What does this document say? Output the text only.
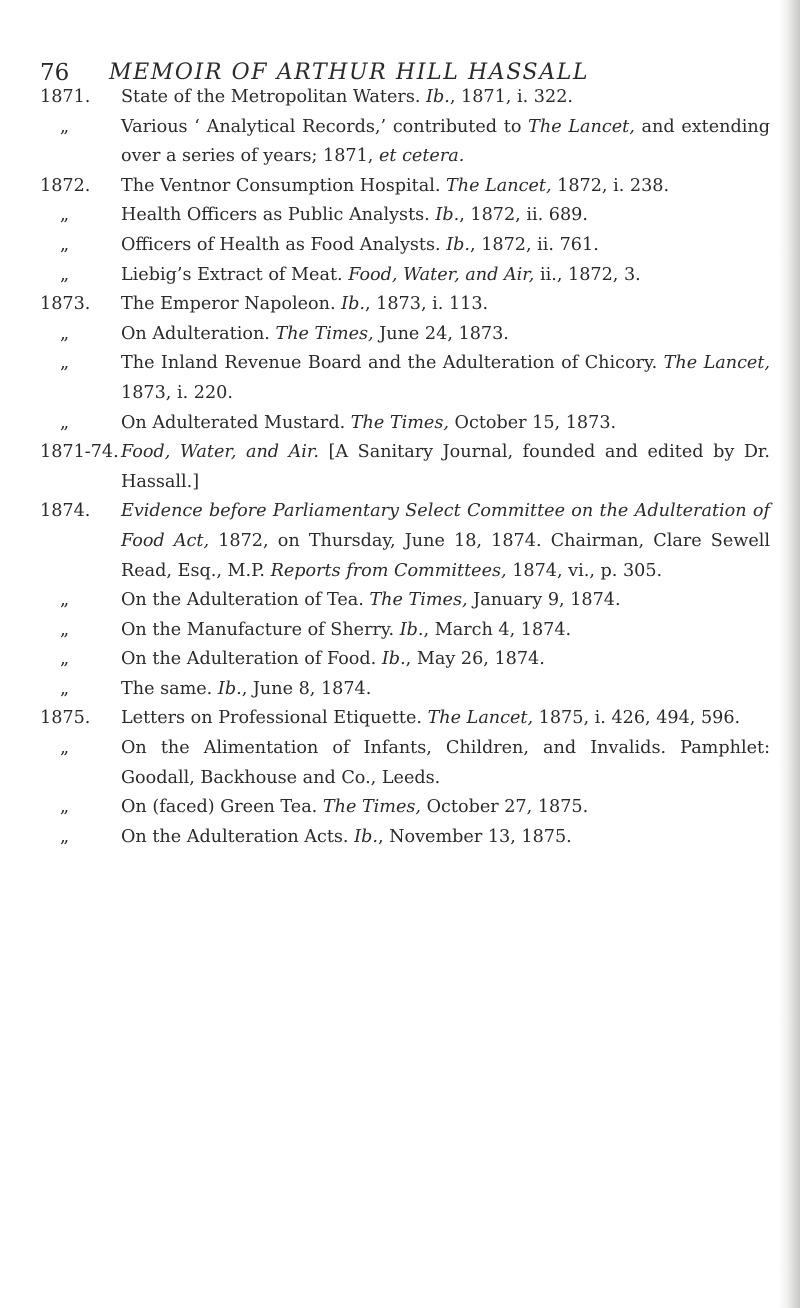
76 MEMOIR OF ARTHUR HILL HASSALL
1871. State of the Metropolitan Waters. Ib., 1871, i. 322.
„	Various ‘ Analytical Records,’ contributed to The Lancet, and extending over a series of years; 1871, et cetera.
1872. The Ventnor Consumption Hospital. The Lancet, 1872, i. 238.
„	Health Officers as Public Analysts. Ib., 1872, ii. 689.
„	Officers of Health as Food Analysts. Ib., 1872, ii. 761.
„	Liebig’s Extract of Meat. Food, Water, and Air, ii., 1872, 3.
1873. The Emperor Napoleon. Ib., 1873, i. 113.
„	On Adulteration. The Times, June 24, 1873.
„	The Inland Revenue Board and the Adulteration of Chicory. The Lancet, 1873, i. 220.
„	On Adulterated Mustard. The Times, October 15, 1873.
1871-74. Food, Water, and Air. [A Sanitary Journal, founded and edited by Dr. Hassall.]
1874. Evidence before Parliamentary Select Committee on the Adulteration of Food Act, 1872, on Thursday, June 18, 1874. Chairman, Clare Sewell Read, Esq., M.P. Reports from Committees, 1874, vi., p. 305.
„	On the Adulteration of Tea. The Times, January 9, 1874.
„	On the Manufacture of Sherry. Ib., March 4, 1874.
„	On the Adulteration of Food. Ib., May 26, 1874.
„	The same. Ib., June 8, 1874.
1875. Letters on Professional Etiquette. The Lancet, 1875, i. 426, 494, 596.
„	On the Alimentation of Infants, Children, and Invalids. Pamphlet: Goodall, Backhouse and Co., Leeds.
„	On (faced) Green Tea. The Times, October 27, 1875.
„	On the Adulteration Acts. Ib., November 13, 1875.
